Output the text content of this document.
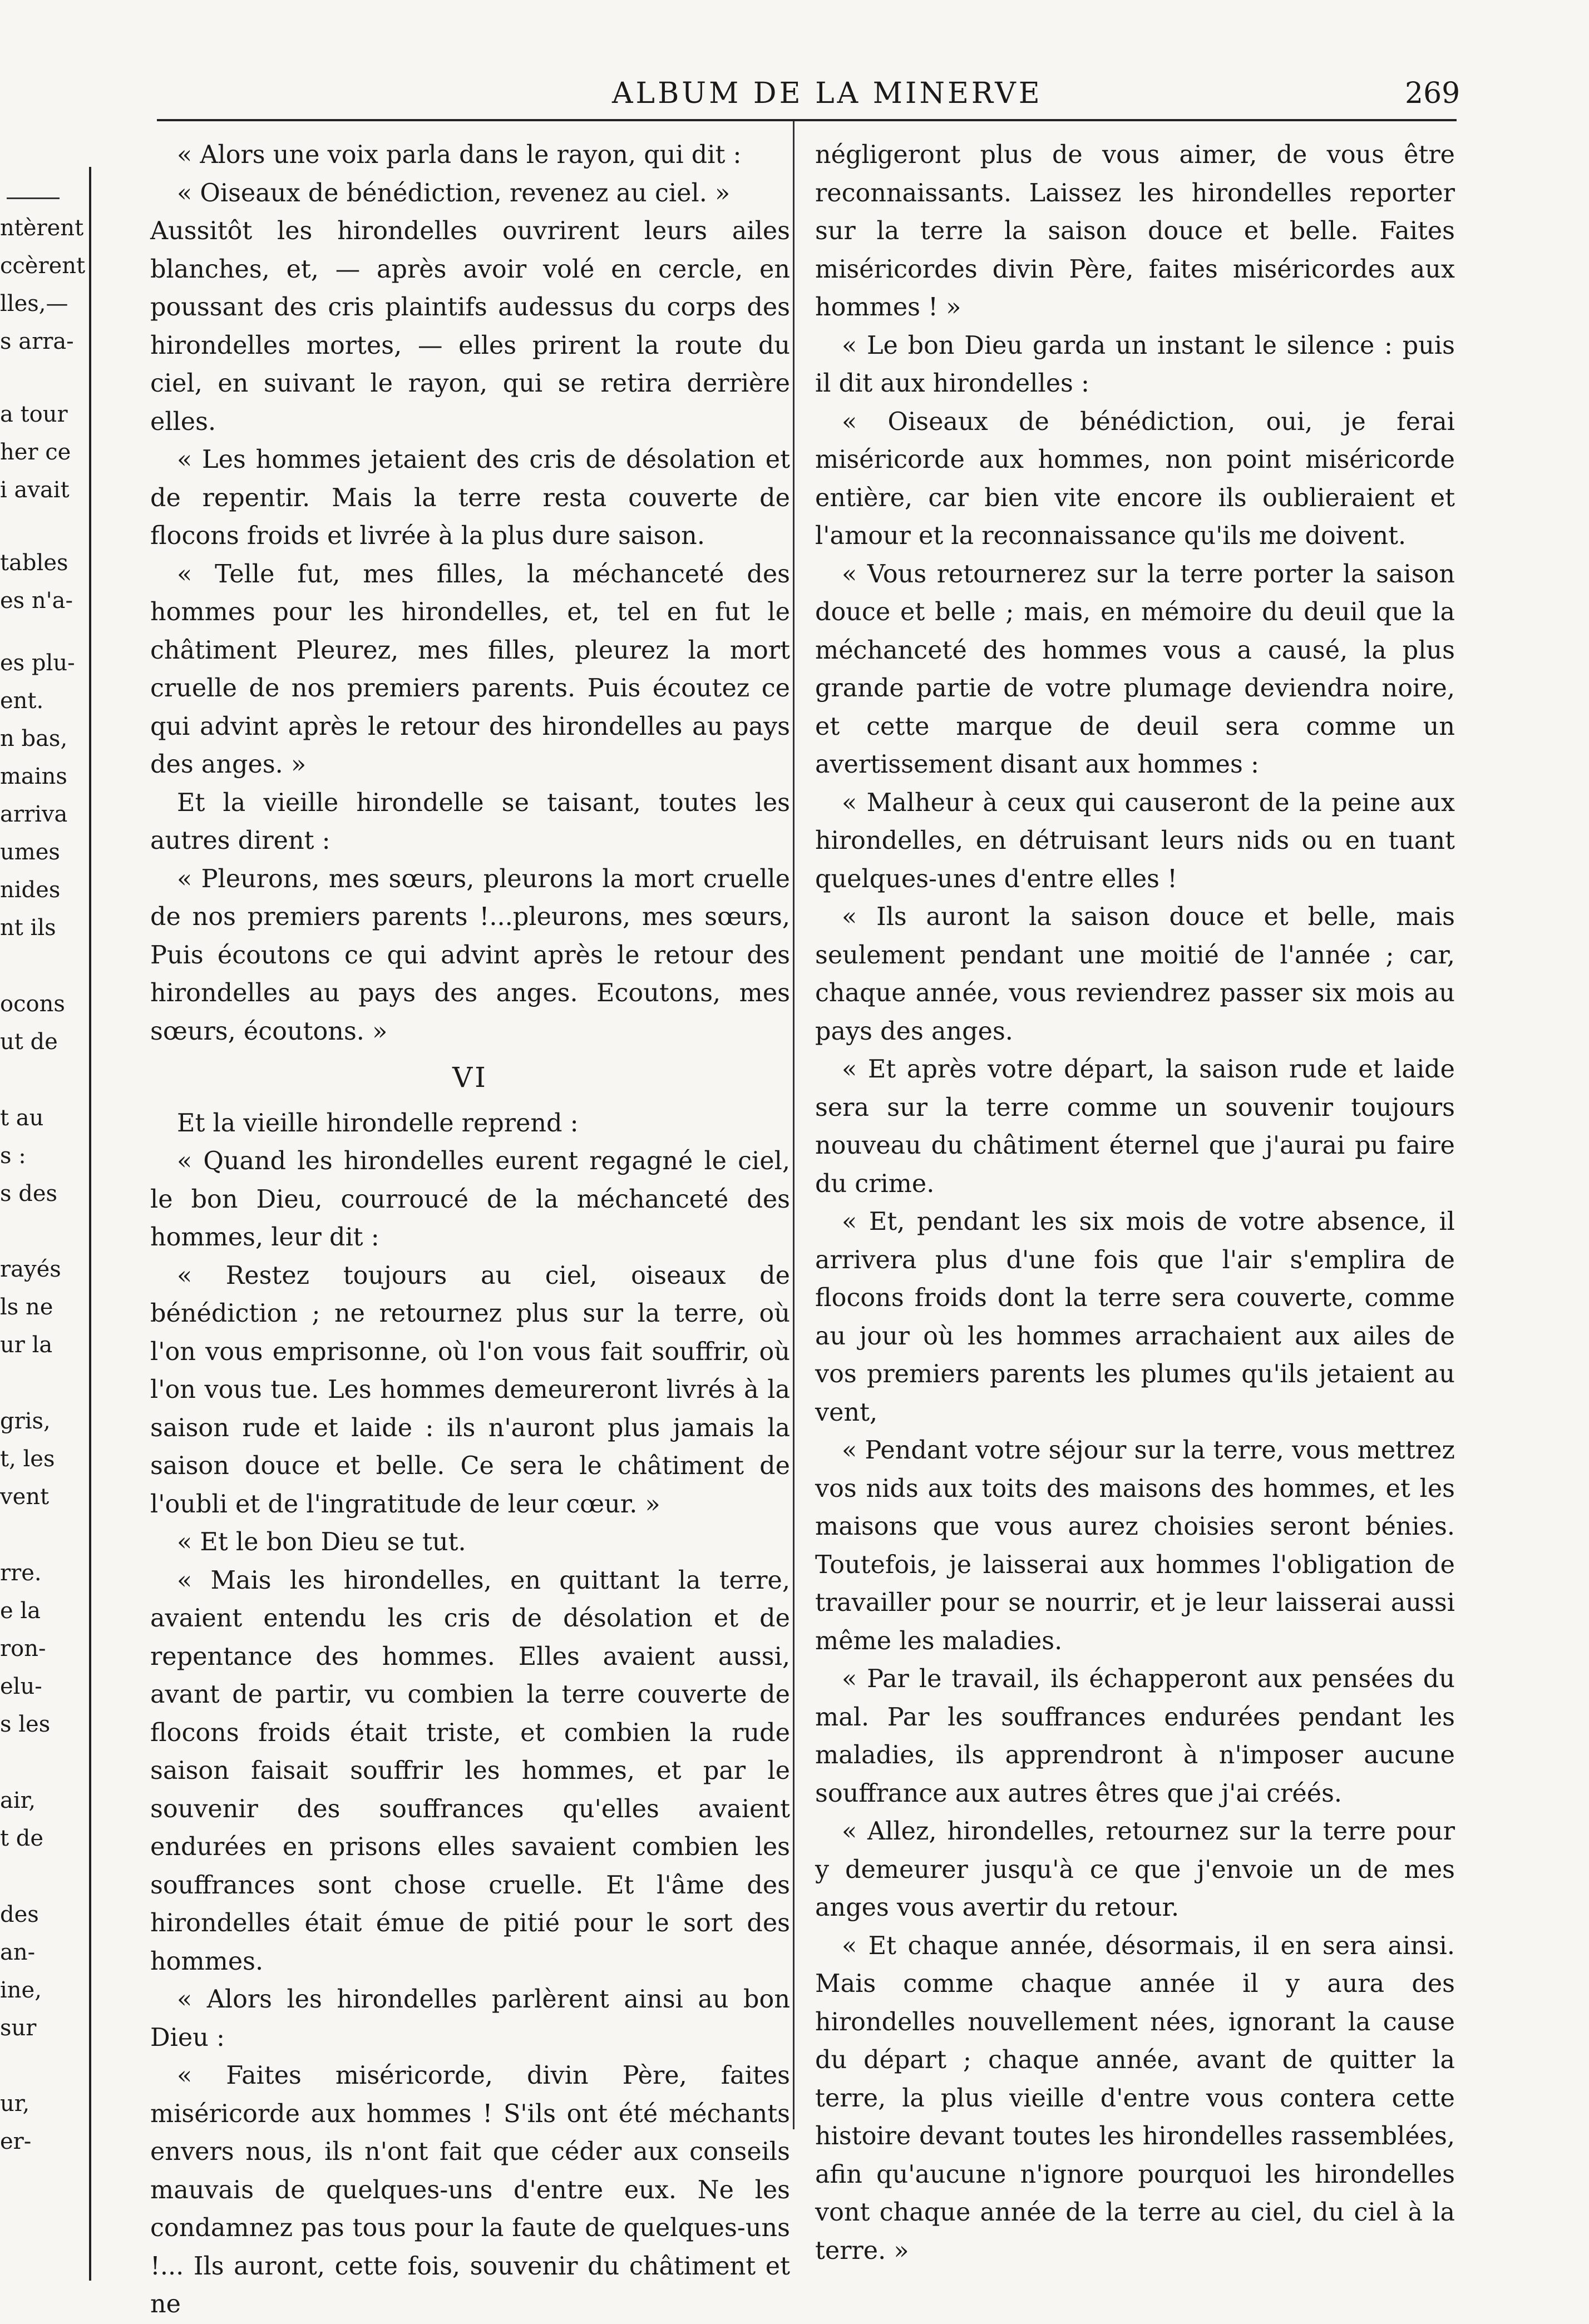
ntèrent
ccèrent
lles,—
s arra-
a tour
her ce
i avait
tables
es n'a-
es plu-
ent.
n bas,
mains
arriva
umes
nides
nt ils
ocons
ut de
t au
s :
s des
rayés
ls ne
ur la
gris,
t, les
vent
rre.
e la
ron-
elu-
s les
air,
t de
des
an-
ine,
sur
ur,
er-
ALBUM DE LA MINERVE	269

« Alors une voix parla dans le rayon, qui dit :

« Oiseaux de bénédiction, revenez au ciel. »

Aussitôt les hirondelles ouvrirent leurs ailes blanches, et, — après avoir volé en cercle, en poussant des cris plaintifs audessus du corps des hirondelles mortes, — elles prirent la route du ciel, en suivant le rayon, qui se retira derrière elles.

« Les hommes jetaient des cris de désolation et de repentir. Mais la terre resta couverte de flocons froids et livrée à la plus dure saison.

« Telle fut, mes filles, la méchanceté des hommes pour les hirondelles, et, tel en fut le châtiment Pleurez, mes filles, pleurez la mort cruelle de nos premiers parents. Puis écoutez ce qui advint après le retour des hirondelles au pays des anges. »

Et la vieille hirondelle se taisant, toutes les autres dirent :

« Pleurons, mes sœurs, pleurons la mort cruelle de nos premiers parents !...pleurons, mes sœurs, Puis écoutons ce qui advint après le retour des hirondelles au pays des anges. Ecoutons, mes sœurs, écoutons. »

VI

Et la vieille hirondelle reprend :

« Quand les hirondelles eurent regagné le ciel, le bon Dieu, courroucé de la méchanceté des hommes, leur dit :

« Restez toujours au ciel, oiseaux de bénédiction ; ne retournez plus sur la terre, où l'on vous emprisonne, où l'on vous fait souffrir, où l'on vous tue. Les hommes demeureront livrés à la saison rude et laide : ils n'auront plus jamais la saison douce et belle. Ce sera le châtiment de l'oubli et de l'ingratitude de leur cœur. »

« Et le bon Dieu se tut.

« Mais les hirondelles, en quittant la terre, avaient entendu les cris de désolation et de repentance des hommes. Elles avaient aussi, avant de partir, vu combien la terre couverte de flocons froids était triste, et combien la rude saison faisait souffrir les hommes, et par le souvenir des souffrances qu'elles avaient endurées en prisons elles savaient combien les souffrances sont chose cruelle. Et l'âme des hirondelles était émue de pitié pour le sort des hommes.

« Alors les hirondelles parlèrent ainsi au bon Dieu :

« Faites miséricorde, divin Père, faites miséricorde aux hommes ! S'ils ont été méchants envers nous, ils n'ont fait que céder aux conseils mauvais de quelques-uns d'entre eux. Ne les condamnez pas tous pour la faute de quelques-uns !... Ils auront, cette fois, souvenir du châtiment et ne

négligeront plus de vous aimer, de vous être reconnaissants. Laissez les hirondelles reporter sur la terre la saison douce et belle. Faites miséricordes divin Père, faites miséricordes aux hommes ! »

« Le bon Dieu garda un instant le silence : puis il dit aux hirondelles :

« Oiseaux de bénédiction, oui, je ferai miséricorde aux hommes, non point miséricorde entière, car bien vite encore ils oublieraient et l'amour et la reconnaissance qu'ils me doivent.

« Vous retournerez sur la terre porter la saison douce et belle ; mais, en mémoire du deuil que la méchanceté des hommes vous a causé, la plus grande partie de votre plumage deviendra noire, et cette marque de deuil sera comme un avertissement disant aux hommes :

« Malheur à ceux qui causeront de la peine aux hirondelles, en détruisant leurs nids ou en tuant quelques-unes d'entre elles !

« Ils auront la saison douce et belle, mais seulement pendant une moitié de l'année ; car, chaque année, vous reviendrez passer six mois au pays des anges.

« Et après votre départ, la saison rude et laide sera sur la terre comme un souvenir toujours nouveau du châtiment éternel que j'aurai pu faire du crime.

« Et, pendant les six mois de votre absence, il arrivera plus d'une fois que l'air s'emplira de flocons froids dont la terre sera couverte, comme au jour où les hommes arrachaient aux ailes de vos premiers parents les plumes qu'ils jetaient au vent,

« Pendant votre séjour sur la terre, vous mettrez vos nids aux toits des maisons des hommes, et les maisons que vous aurez choisies seront bénies. Toutefois, je laisserai aux hommes l'obligation de travailler pour se nourrir, et je leur laisserai aussi même les maladies.

« Par le travail, ils échapperont aux pensées du mal. Par les souffrances endurées pendant les maladies, ils apprendront à n'imposer aucune souffrance aux autres êtres que j'ai créés.

« Allez, hirondelles, retournez sur la terre pour y demeurer jusqu'à ce que j'envoie un de mes anges vous avertir du retour.

« Et chaque année, désormais, il en sera ainsi. Mais comme chaque année il y aura des hirondelles nouvellement nées, ignorant la cause du départ ; chaque année, avant de quitter la terre, la plus vieille d'entre vous contera cette histoire devant toutes les hirondelles rassemblées, afin qu'aucune n'ignore pourquoi les hirondelles vont chaque année de la terre au ciel, du ciel à la terre. »
